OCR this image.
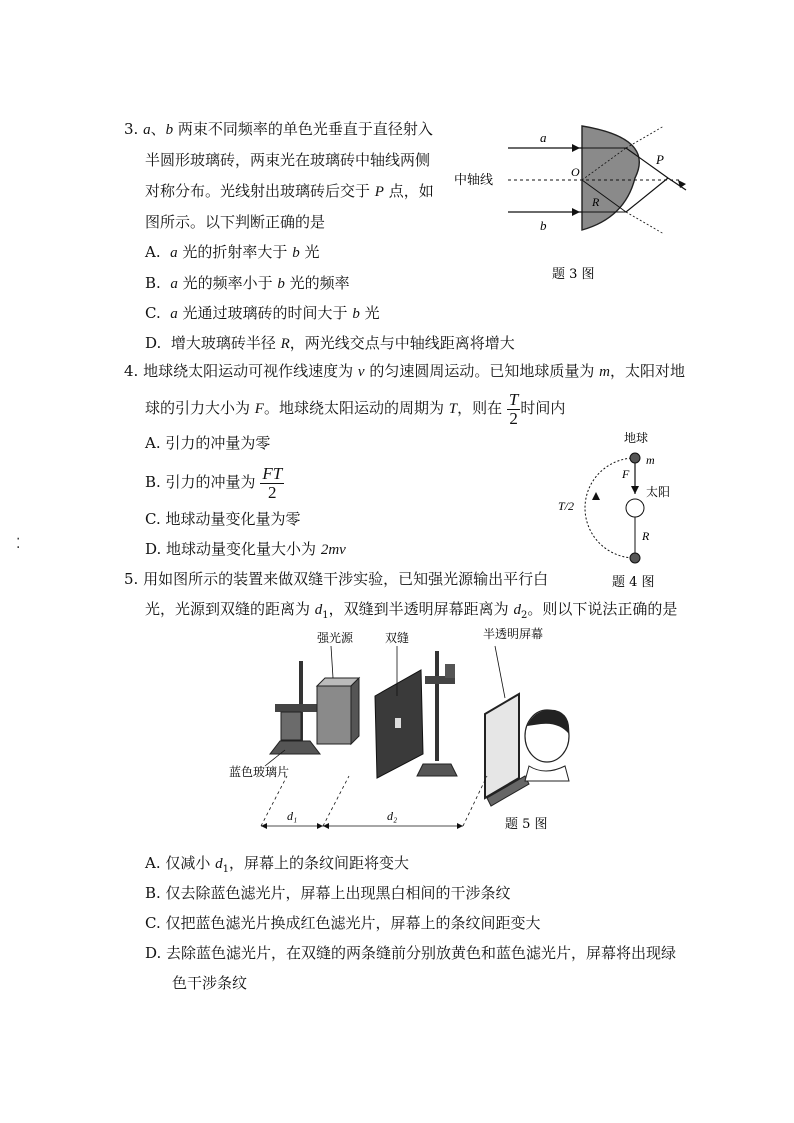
⁚
3. a、b 两束不同频率的单色光垂直于直径射入
半圆形玻璃砖，两束光在玻璃砖中轴线两侧
对称分布。光线射出玻璃砖后交于 P 点，如
图所示。以下判断正确的是
A. a 光的折射率大于 b 光
B. a 光的频率小于 b 光的频率
C. a 光通过玻璃砖的时间大于 b 光
D. 增大玻璃砖半径 R，两光线交点与中轴线距离将增大
a
b
O
P
R
中轴线
题 3 图
4. 地球绕太阳运动可视作线速度为 v 的匀速圆周运动。已知地球质量为 m，太阳对地
球的引力大小为 F。地球绕太阳运动的周期为 T，则在 $\frac{T}{2}$ 时间内
A. 引力的冲量为零
B. 引力的冲量为 $\frac{FT}{2}$
C. 地球动量变化量为零
D. 地球动量变化量大小为 2mv
地球
F
m
太阳
T/2
R
题 4 图
5. 用如图所示的装置来做双缝干涉实验，已知强光源输出平行白
光，光源到双缝的距离为 $d_1$，双缝到半透明屏幕距离为 $d_2$。则以下说法正确的是
强光源	双缝	半透明屏幕
蓝色玻璃片
d₁	d₂
题 5 图
A. 仅减小 $d_1$，屏幕上的条纹间距将变大
B. 仅去除蓝色滤光片，屏幕上出现黑白相间的干涉条纹
C. 仅把蓝色滤光片换成红色滤光片，屏幕上的条纹间距变大
D. 去除蓝色滤光片，在双缝的两条缝前分别放黄色和蓝色滤光片，屏幕将出现绿
色干涉条纹
